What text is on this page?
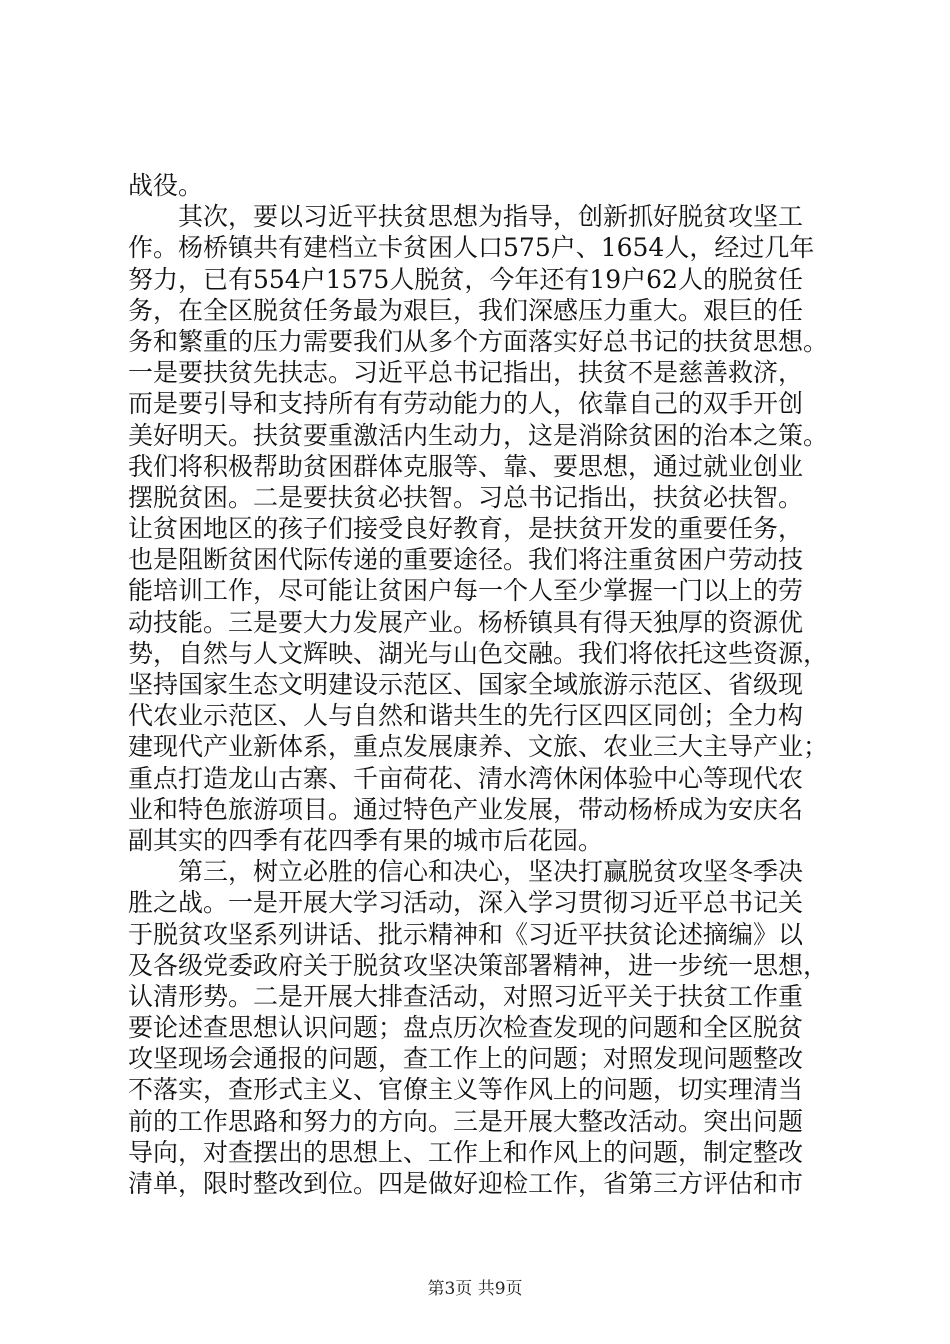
战役。
其次，要以习近平扶贫思想为指导，创新抓好脱贫攻坚工
作。杨桥镇共有建档立卡贫困人口575户、1654人，经过几年
努力，已有554户1575人脱贫，今年还有19户62人的脱贫任
务，在全区脱贫任务最为艰巨，我们深感压力重大。艰巨的任
务和繁重的压力需要我们从多个方面落实好总书记的扶贫思想。
一是要扶贫先扶志。习近平总书记指出，扶贫不是慈善救济，
而是要引导和支持所有有劳动能力的人，依靠自己的双手开创
美好明天。扶贫要重激活内生动力，这是消除贫困的治本之策。
我们将积极帮助贫困群体克服等、靠、要思想，通过就业创业
摆脱贫困。二是要扶贫必扶智。习总书记指出，扶贫必扶智。
让贫困地区的孩子们接受良好教育，是扶贫开发的重要任务，
也是阻断贫困代际传递的重要途径。我们将注重贫困户劳动技
能培训工作，尽可能让贫困户每一个人至少掌握一门以上的劳
动技能。三是要大力发展产业。杨桥镇具有得天独厚的资源优
势，自然与人文辉映、湖光与山色交融。我们将依托这些资源，
坚持国家生态文明建设示范区、国家全域旅游示范区、省级现
代农业示范区、人与自然和谐共生的先行区四区同创；全力构
建现代产业新体系，重点发展康养、文旅、农业三大主导产业；
重点打造龙山古寨、千亩荷花、清水湾休闲体验中心等现代农
业和特色旅游项目。通过特色产业发展，带动杨桥成为安庆名
副其实的四季有花四季有果的城市后花园。
第三，树立必胜的信心和决心，坚决打赢脱贫攻坚冬季决
胜之战。一是开展大学习活动，深入学习贯彻习近平总书记关
于脱贫攻坚系列讲话、批示精神和《习近平扶贫论述摘编》以
及各级党委政府关于脱贫攻坚决策部署精神，进一步统一思想，
认清形势。二是开展大排查活动，对照习近平关于扶贫工作重
要论述查思想认识问题；盘点历次检查发现的问题和全区脱贫
攻坚现场会通报的问题，查工作上的问题；对照发现问题整改
不落实，查形式主义、官僚主义等作风上的问题，切实理清当
前的工作思路和努力的方向。三是开展大整改活动。突出问题
导向，对查摆出的思想上、工作上和作风上的问题，制定整改
清单，限时整改到位。四是做好迎检工作，省第三方评估和市
第3页 共9页
